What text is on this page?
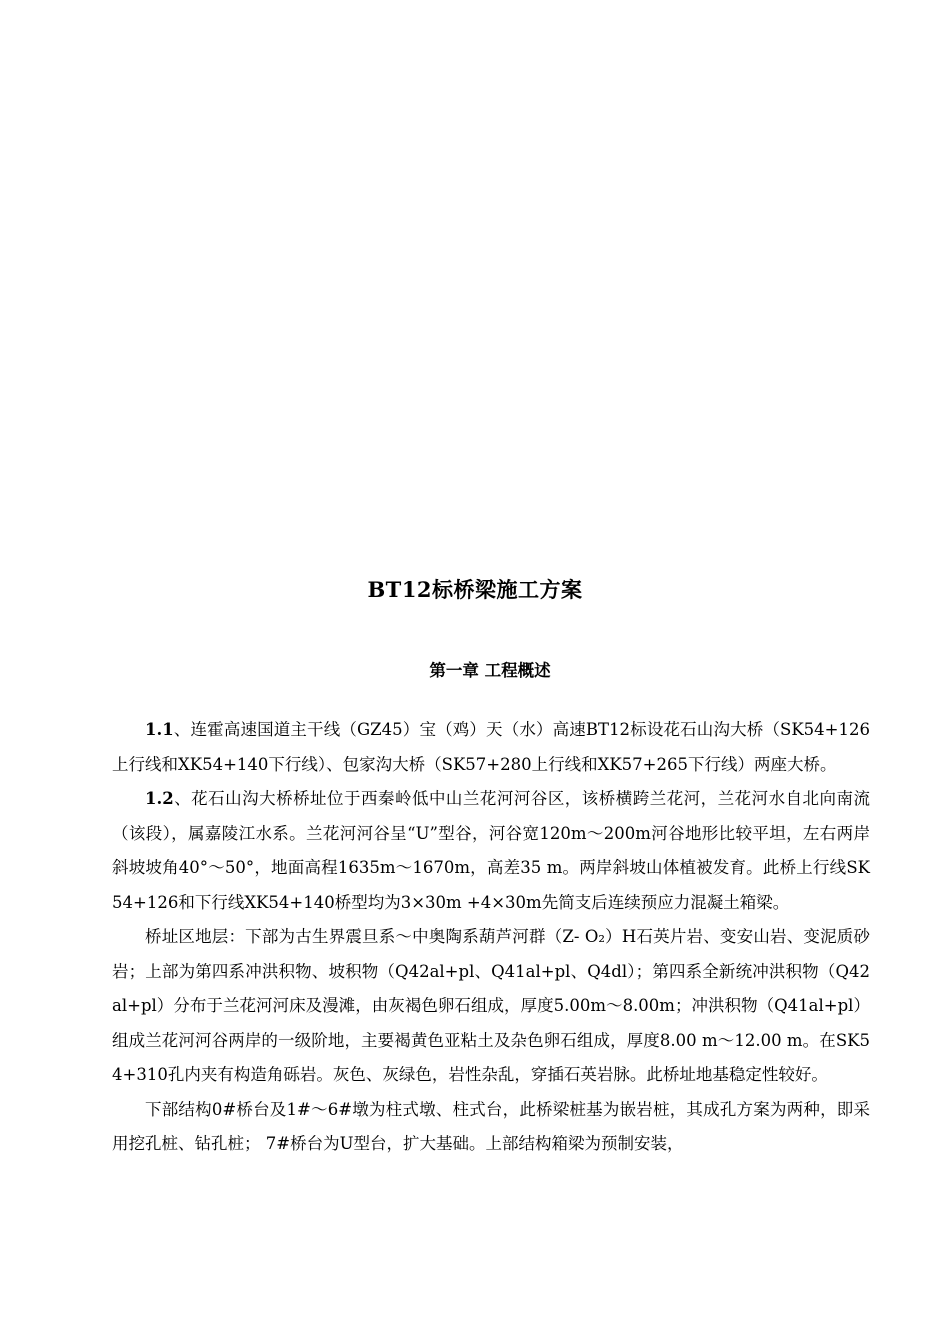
BT12标桥梁施工方案
第一章 工程概述

1.1、连霍高速国道主干线（GZ45）宝（鸡）天（水）高速BT12标设花石山沟大桥（SK54+126上行线和XK54+140下行线）、包家沟大桥（SK57+280上行线和XK57+265下行线）两座大桥。

1.2、花石山沟大桥桥址位于西秦岭低中山兰花河河谷区，该桥横跨兰花河，兰花河水自北向南流（该段），属嘉陵江水系。兰花河河谷呈“U”型谷，河谷宽120m～200m河谷地形比较平坦，左右两岸斜坡坡角40°～50°，地面高程1635m～1670m，高差35 m。两岸斜坡山体植被发育。此桥上行线SK54+126和下行线XK54+140桥型均为3×30m +4×30m先简支后连续预应力混凝土箱梁。

桥址区地层：下部为古生界震旦系～中奥陶系葫芦河群（Z- O₂）H石英片岩、变安山岩、变泥质砂岩；上部为第四系冲洪积物、坡积物（Q42al+pl、Q41al+pl、Q4dl）；第四系全新统冲洪积物（Q42al+pl）分布于兰花河河床及漫滩，由灰褐色卵石组成，厚度5.00m～8.00m；冲洪积物（Q41al+pl）组成兰花河河谷两岸的一级阶地，主要褐黄色亚粘土及杂色卵石组成，厚度8.00 m～12.00 m。在SK54+310孔内夹有构造角砾岩。灰色、灰绿色，岩性杂乱，穿插石英岩脉。此桥址地基稳定性较好。

下部结构0#桥台及1#～6#墩为柱式墩、柱式台，此桥梁桩基为嵌岩桩，其成孔方案为两种，即采用挖孔桩、钻孔桩； 7#桥台为U型台，扩大基础。上部结构箱梁为预制安装，
